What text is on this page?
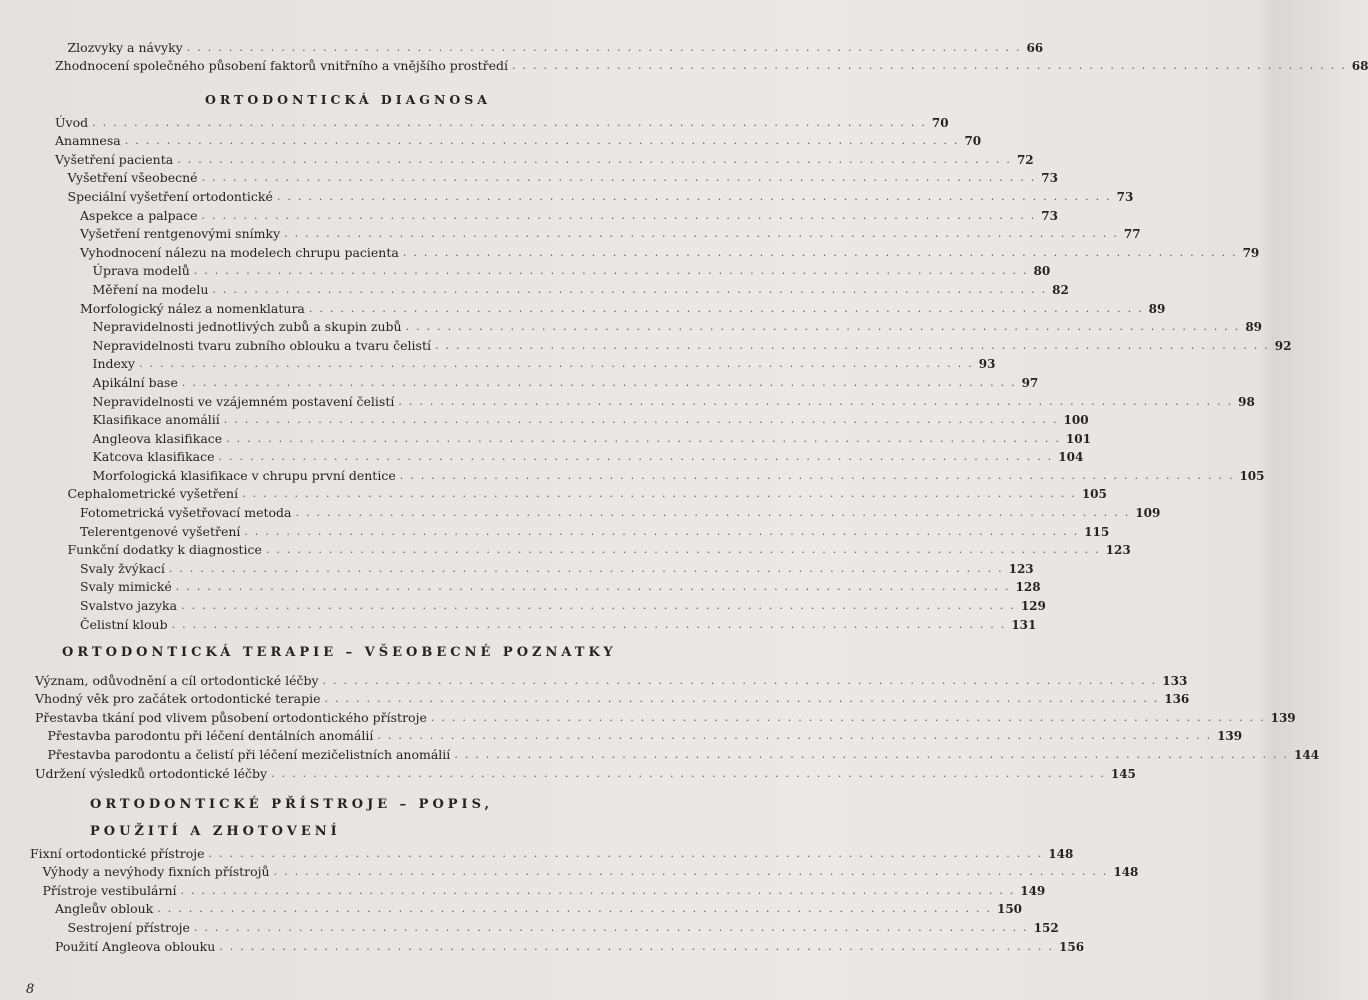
Zlozvyky a návyky ................................................................................ 66
Zhodnocení společného působení faktorů vnitřního a vnějšího prostředí ................................................................................ 68
ORTODONTICKÁ DIAGNOSA
Úvod ................................................................................ 70
Anamnesa ................................................................................ 70
Vyšetření pacienta ................................................................................ 72
Vyšetření všeobecné ................................................................................ 73
Speciální vyšetření ortodontické ................................................................................ 73
Aspekce a palpace ................................................................................ 73
Vyšetření rentgenovými snímky ................................................................................ 77
Vyhodnocení nálezu na modelech chrupu pacienta ................................................................................ 79
Úprava modelů ................................................................................ 80
Měření na modelu ................................................................................ 82
Morfologický nález a nomenklatura ................................................................................ 89
Nepravidelnosti jednotlivých zubů a skupin zubů ................................................................................ 89
Nepravidelnosti tvaru zubního oblouku a tvaru čelistí ................................................................................ 92
Indexy ................................................................................ 93
Apikální base ................................................................................ 97
Nepravidelnosti ve vzájemném postavení čelistí ................................................................................ 98
Klasifikace anomálií ................................................................................ 100
Angleova klasifikace ................................................................................ 101
Katcova klasifikace ................................................................................ 104
Morfologická klasifikace v chrupu první dentice ................................................................................ 105
Cephalometrické vyšetření ................................................................................ 105
Fotometrická vyšetřovací metoda ................................................................................ 109
Telerentgenové vyšetření ................................................................................ 115
Funkční dodatky k diagnostice ................................................................................ 123
Svaly žvýkací ................................................................................ 123
Svaly mimické ................................................................................ 128
Svalstvo jazyka ................................................................................ 129
Čelistní kloub ................................................................................ 131
ORTODONTICKÁ TERAPIE – VŠEOBECNÉ POZNATKY
Význam, odůvodnění a cíl ortodontické léčby ................................................................................ 133
Vhodný věk pro začátek ortodontické terapie ................................................................................ 136
Přestavba tkání pod vlivem působení ortodontického přístroje ................................................................................ 139
Přestavba parodontu při léčení dentálních anomálií ................................................................................ 139
Přestavba parodontu a čelistí při léčení mezičelistních anomálií ................................................................................ 144
Udržení výsledků ortodontické léčby ................................................................................ 145
ORTODONTICKÉ PŘÍSTROJE – POPIS, POUŽITÍ A ZHOTOVENÍ
Fixní ortodontické přístroje ................................................................................ 148
Výhody a nevýhody fixních přístrojů ................................................................................ 148
Přístroje vestibulární ................................................................................ 149
Angleův oblouk ................................................................................ 150
Sestrojení přístroje ................................................................................ 152
Použití Angleova oblouku ................................................................................ 156
8
